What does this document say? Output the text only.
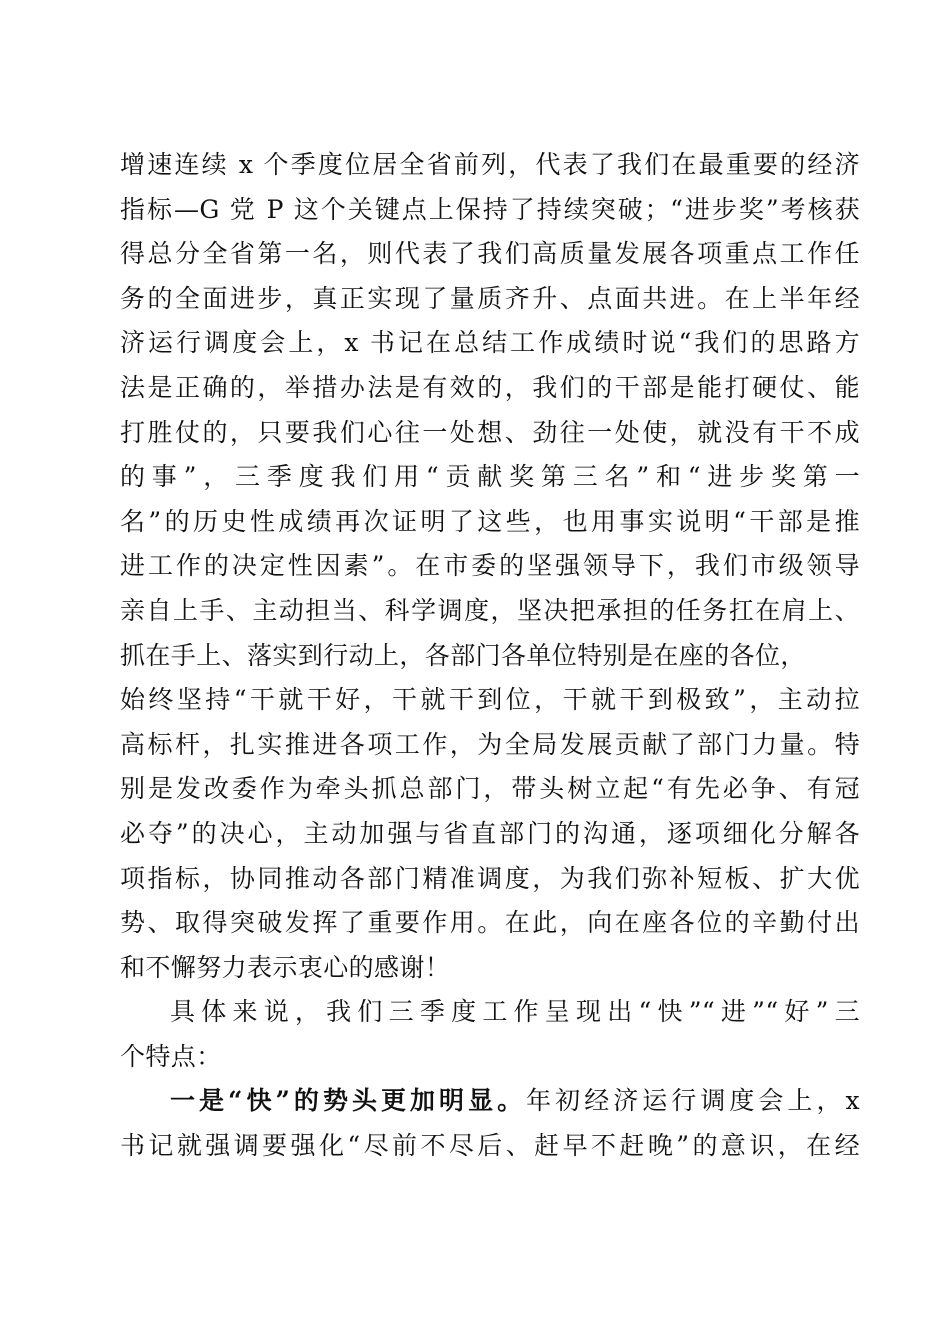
增速连续 x 个季度位居全省前列，代表了我们在最重要的经济
指标—G 党 P 这个关键点上保持了持续突破；“进步奖”考核获
得总分全省第一名，则代表了我们高质量发展各项重点工作任
务的全面进步，真正实现了量质齐升、点面共进。在上半年经
济运行调度会上，x 书记在总结工作成绩时说“我们的思路方
法是正确的，举措办法是有效的，我们的干部是能打硬仗、能
打胜仗的，只要我们心往一处想、劲往一处使，就没有干不成
的事”，三季度我们用“贡献奖第三名”和“进步奖第一
名”的历史性成绩再次证明了这些，也用事实说明“干部是推
进工作的决定性因素”。在市委的坚强领导下，我们市级领导
亲自上手、主动担当、科学调度，坚决把承担的任务扛在肩上、
抓在手上、落实到行动上，各部门各单位特别是在座的各位，
始终坚持“干就干好，干就干到位，干就干到极致”，主动拉
高标杆，扎实推进各项工作，为全局发展贡献了部门力量。特
别是发改委作为牵头抓总部门，带头树立起“有先必争、有冠
必夺”的决心，主动加强与省直部门的沟通，逐项细化分解各
项指标，协同推动各部门精准调度，为我们弥补短板、扩大优
势、取得突破发挥了重要作用。在此，向在座各位的辛勤付出
和不懈努力表示衷心的感谢！
具体来说，我们三季度工作呈现出“快”“进”“好”三
个特点：
一是“快”的势头更加明显。年初经济运行调度会上，x
书记就强调要强化“尽前不尽后、赶早不赶晚”的意识，在经
